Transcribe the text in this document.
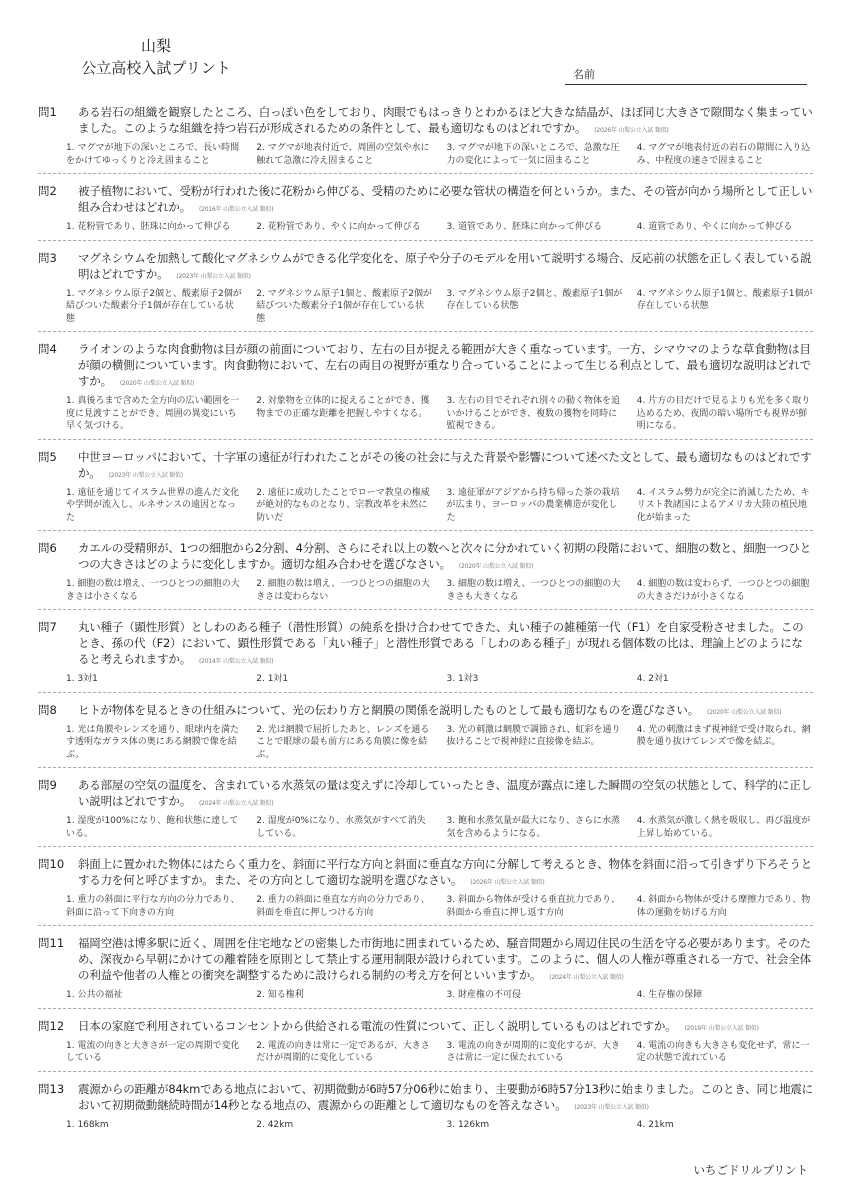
山梨
公立高校入試プリント	名前
問1	ある岩石の組織を観察したところ、白っぽい色をしており、肉眼でもはっきりとわかるほど大きな結晶が、ほぼ同じ大きさで隙間なく集まっていました。このような組織を持つ岩石が形成されるための条件として、最も適切なものはどれですか。 (2026年 山梨公立入試 類似)
1. マグマが地下の深いところで、長い時間をかけてゆっくりと冷え固まること
2. マグマが地表付近で、周囲の空気や水に触れて急激に冷え固まること
3. マグマが地下の深いところで、急激な圧力の変化によって一気に固まること
4. マグマが地表付近の岩石の隙間に入り込み、中程度の速さで固まること
問2	被子植物において、受粉が行われた後に花粉から伸びる、受精のために必要な管状の構造を何というか。また、その管が向かう場所として正しい組み合わせはどれか。 (2016年 山梨公立入試 類似)
1. 花粉管であり、胚珠に向かって伸びる	2. 花粉管であり、やくに向かって伸びる	3. 道管であり、胚珠に向かって伸びる	4. 道管であり、やくに向かって伸びる
問3	マグネシウムを加熱して酸化マグネシウムができる化学変化を、原子や分子のモデルを用いて説明する場合、反応前の状態を正しく表している説明はどれですか。 (2023年 山梨公立入試 類似)
1. マグネシウム原子2個と、酸素原子2個が結びついた酸素分子1個が存在している状態
2. マグネシウム原子1個と、酸素原子2個が結びついた酸素分子1個が存在している状態
3. マグネシウム原子2個と、酸素原子1個が存在している状態
4. マグネシウム原子1個と、酸素原子1個が存在している状態
問4	ライオンのような肉食動物は目が顔の前面についており、左右の目が捉える範囲が大きく重なっています。一方、シマウマのような草食動物は目が顔の横側についています。肉食動物において、左右の両目の視野が重なり合っていることによって生じる利点として、最も適切な説明はどれですか。 (2020年 山梨公立入試 類似)
1. 真後ろまで含めた全方向の広い範囲を一度に見渡すことができ、周囲の異変にいち早く気づける。
2. 対象物を立体的に捉えることができ、獲物までの正確な距離を把握しやすくなる。
3. 左右の目でそれぞれ別々の動く物体を追いかけることができ、複数の獲物を同時に監視できる。
4. 片方の目だけで見るよりも光を多く取り込めるため、夜間の暗い場所でも視界が鮮明になる。
問5	中世ヨーロッパにおいて、十字軍の遠征が行われたことがその後の社会に与えた背景や影響について述べた文として、最も適切なものはどれですか。 (2023年 山梨公立入試 類似)
1. 遠征を通じてイスラム世界の進んだ文化や学問が流入し、ルネサンスの遠因となった
2. 遠征に成功したことでローマ教皇の権威が絶対的なものとなり、宗教改革を未然に防いだ
3. 遠征軍がアジアから持ち帰った茶の栽培が広まり、ヨーロッパの農業構造が変化した
4. イスラム勢力が完全に消滅したため、キリスト教諸国によるアメリカ大陸の植民地化が始まった
問6	カエルの受精卵が、1つの細胞から2分割、4分割、さらにそれ以上の数へと次々に分かれていく初期の段階において、細胞の数と、細胞一つひとつの大きさはどのように変化しますか。適切な組み合わせを選びなさい。 (2020年 山梨公立入試 類似)
1. 細胞の数は増え、一つひとつの細胞の大きさは小さくなる
2. 細胞の数は増え、一つひとつの細胞の大きさは変わらない
3. 細胞の数は増え、一つひとつの細胞の大きさも大きくなる
4. 細胞の数は変わらず、一つひとつの細胞の大きさだけが小さくなる
問7	丸い種子（顕性形質）としわのある種子（潜性形質）の純系を掛け合わせてできた、丸い種子の雑種第一代（F1）を自家受粉させました。このとき、孫の代（F2）において、顕性形質である「丸い種子」と潜性形質である「しわのある種子」が現れる個体数の比は、理論上どのようになると考えられますか。 (2014年 山梨公立入試 類似)
1. 3対1	2. 1対1	3. 1対3	4. 2対1
問8	ヒトが物体を見るときの仕組みについて、光の伝わり方と網膜の関係を説明したものとして最も適切なものを選びなさい。 (2020年 山梨公立入試 類似)
1. 光は角膜やレンズを通り、眼球内を満たす透明なガラス体の奥にある網膜で像を結ぶ。
2. 光は網膜で屈折したあと、レンズを通ることで眼球の最も前方にある角膜に像を結ぶ。
3. 光の刺激は網膜で調節され、虹彩を通り抜けることで視神経に直接像を結ぶ。
4. 光の刺激はまず視神経で受け取られ、網膜を通り抜けてレンズで像を結ぶ。
問9	ある部屋の空気の温度を、含まれている水蒸気の量は変えずに冷却していったとき、温度が露点に達した瞬間の空気の状態として、科学的に正しい説明はどれですか。 (2024年 山梨公立入試 類似)
1. 湿度が100%になり、飽和状態に達している。
2. 湿度が0%になり、水蒸気がすべて消失している。
3. 飽和水蒸気量が最大になり、さらに水蒸気を含めるようになる。
4. 水蒸気が激しく熱を吸収し、再び温度が上昇し始めている。
問10	斜面上に置かれた物体にはたらく重力を、斜面に平行な方向と斜面に垂直な方向に分解して考えるとき、物体を斜面に沿って引きずり下ろそうとする力を何と呼びますか。また、その方向として適切な説明を選びなさい。 (2026年 山梨公立入試 類似)
1. 重力の斜面に平行な方向の分力であり、斜面に沿って下向きの方向
2. 重力の斜面に垂直な方向の分力であり、斜面を垂直に押しつける方向
3. 斜面から物体が受ける垂直抗力であり、斜面から垂直に押し返す方向
4. 斜面から物体が受ける摩擦力であり、物体の運動を妨げる方向
問11	福岡空港は博多駅に近く、周囲を住宅地などの密集した市街地に囲まれているため、騒音問題から周辺住民の生活を守る必要があります。そのため、深夜から早朝にかけての離着陸を原則として禁止する運用制限が設けられています。このように、個人の人権が尊重される一方で、社会全体の利益や他者の人権との衝突を調整するために設けられる制約の考え方を何といいますか。 (2024年 山梨公立入試 類似)
1. 公共の福祉	2. 知る権利	3. 財産権の不可侵	4. 生存権の保障
問12	日本の家庭で利用されているコンセントから供給される電流の性質について、正しく説明しているものはどれですか。 (2019年 山梨公立入試 類似)
1. 電流の向きと大きさが一定の周期で変化している
2. 電流の向きは常に一定であるが、大きさだけが周期的に変化している
3. 電流の向きが周期的に変化するが、大きさは常に一定に保たれている
4. 電流の向きも大きさも変化せず、常に一定の状態で流れている
問13	震源からの距離が84kmである地点において、初期微動が6時57分06秒に始まり、主要動が6時57分13秒に始まりました。このとき、同じ地震において初期微動継続時間が14秒となる地点の、震源からの距離として適切なものを答えなさい。 (2023年 山梨公立入試 類似)
1. 168km	2. 42km	3. 126km	4. 21km
いちごドリルプリント
